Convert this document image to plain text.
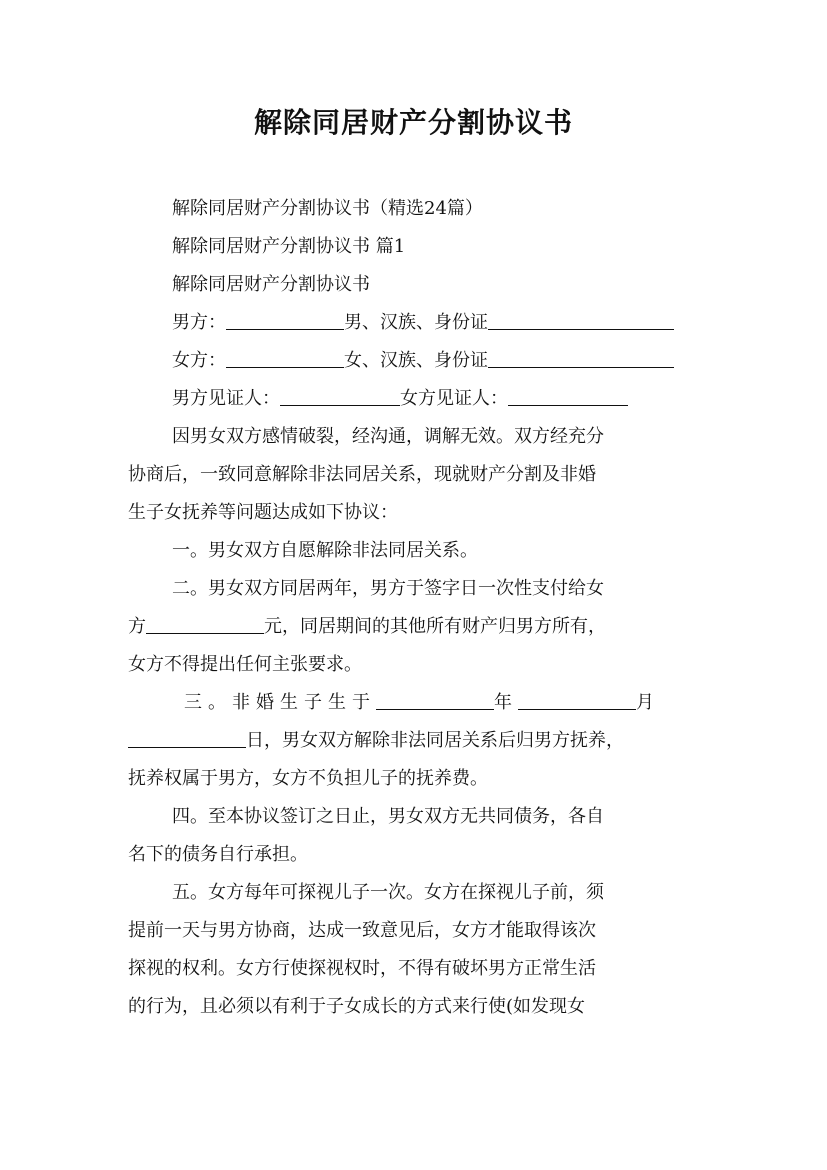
解除同居财产分割协议书
解除同居财产分割协议书（精选24篇）
解除同居财产分割协议书 篇1
解除同居财产分割协议书
男方：	男、汉族、身份证
女方：	女、汉族、身份证
男方见证人：	女方见证人：
因男女双方感情破裂，经沟通，调解无效。双方经充分
协商后，一致同意解除非法同居关系，现就财产分割及非婚
生子女抚养等问题达成如下协议：
一。男女双方自愿解除非法同居关系。
二。男女双方同居两年，男方于签字日一次性支付给女
方	元，同居期间的其他所有财产归男方所有，
女方不得提出任何主张要求。
三。非婚生子生于	年	月
日，男女双方解除非法同居关系后归男方抚养，
抚养权属于男方，女方不负担儿子的抚养费。
四。至本协议签订之日止，男女双方无共同债务，各自
名下的债务自行承担。
五。女方每年可探视儿子一次。女方在探视儿子前，须
提前一天与男方协商，达成一致意见后，女方才能取得该次
探视的权利。女方行使探视权时，不得有破坏男方正常生活
的行为，且必须以有利于子女成长的方式来行使(如发现女
